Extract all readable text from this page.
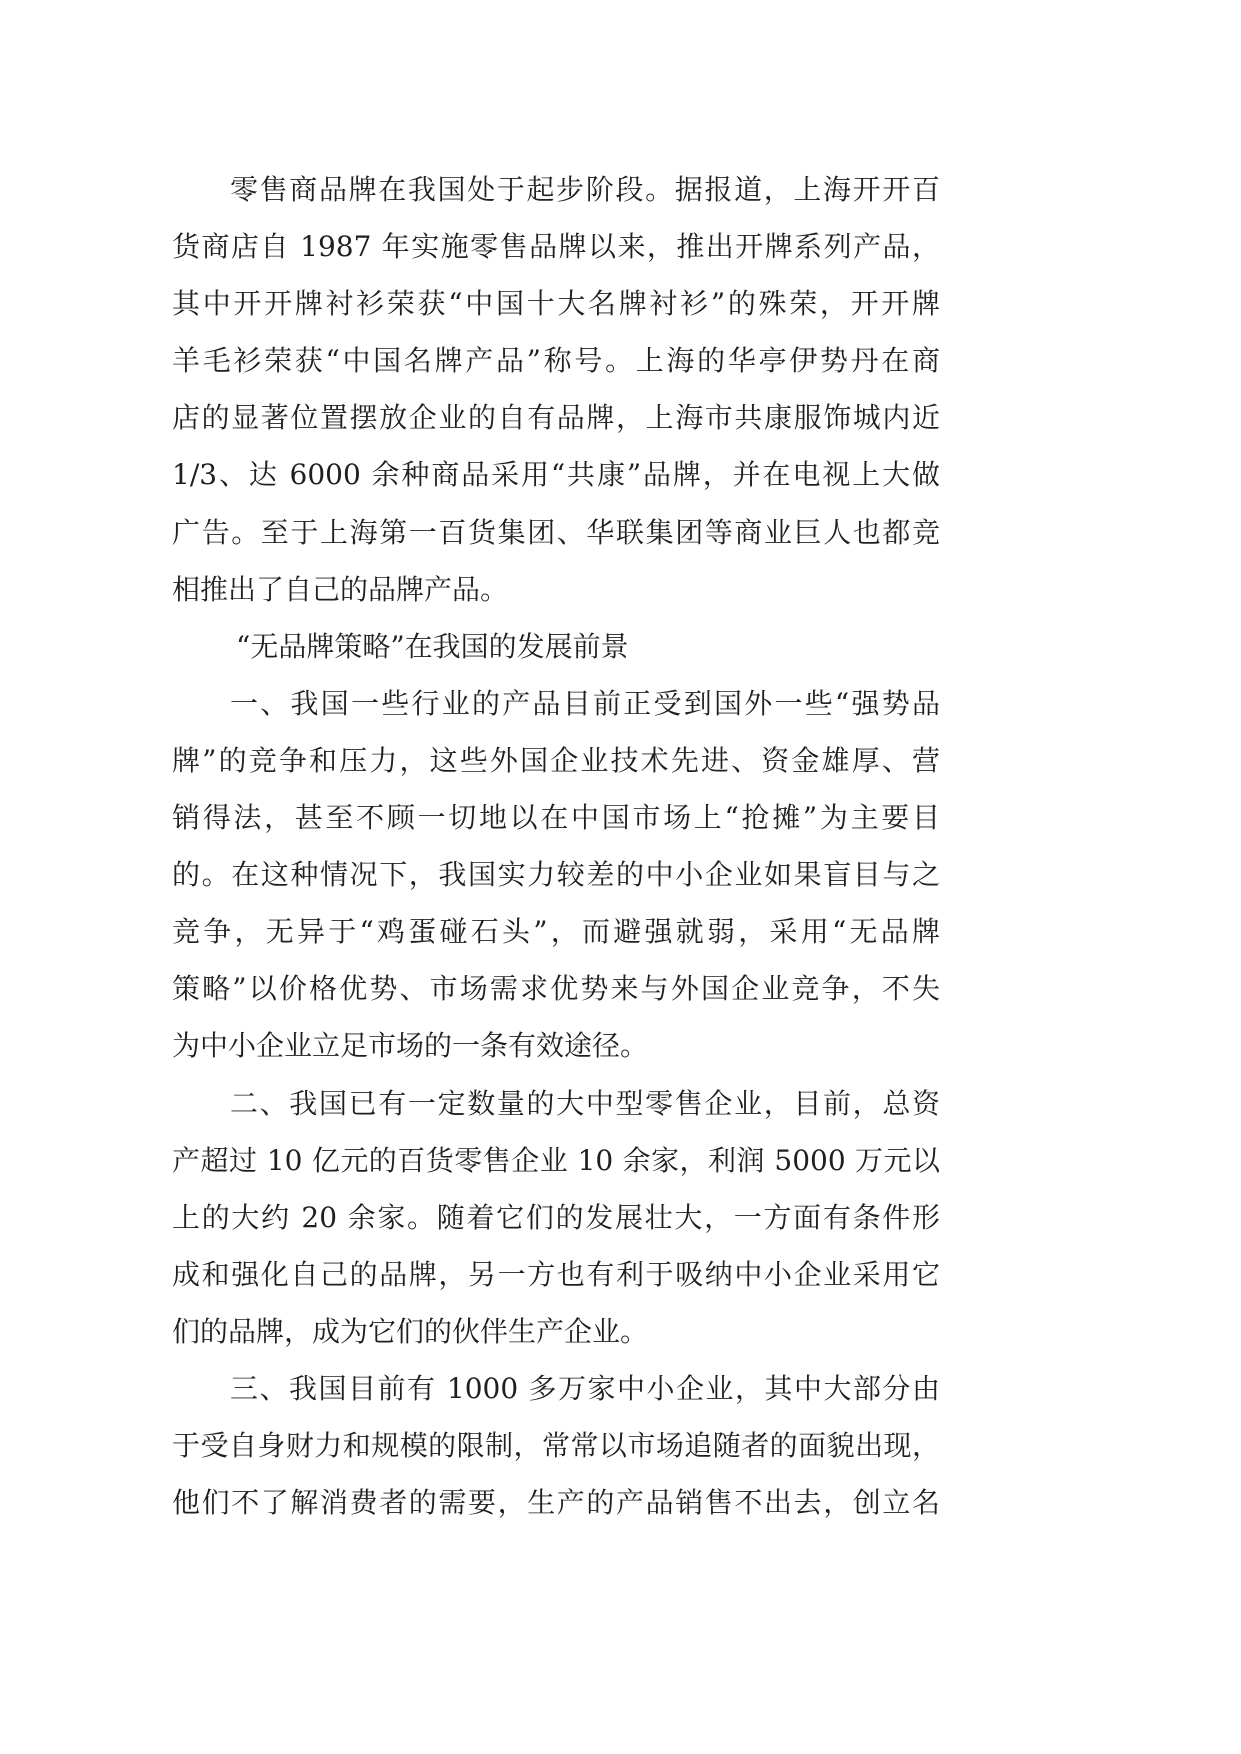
零售商品牌在我国处于起步阶段。据报道，上海开开百
货商店自 1987 年实施零售品牌以来，推出开牌系列产品，
其中开开牌衬衫荣获“中国十大名牌衬衫”的殊荣，开开牌
羊毛衫荣获“中国名牌产品”称号。上海的华亭伊势丹在商
店的显著位置摆放企业的自有品牌，上海市共康服饰城内近
1/3、达 6000 余种商品采用“共康”品牌，并在电视上大做
广告。至于上海第一百货集团、华联集团等商业巨人也都竞
相推出了自己的品牌产品。
“无品牌策略”在我国的发展前景
一、我国一些行业的产品目前正受到国外一些“强势品
牌”的竞争和压力，这些外国企业技术先进、资金雄厚、营
销得法，甚至不顾一切地以在中国市场上“抢摊”为主要目
的。在这种情况下，我国实力较差的中小企业如果盲目与之
竞争，无异于“鸡蛋碰石头”，而避强就弱，采用“无品牌
策略”以价格优势、市场需求优势来与外国企业竞争，不失
为中小企业立足市场的一条有效途径。
二、我国已有一定数量的大中型零售企业，目前，总资
产超过 10 亿元的百货零售企业 10 余家，利润 5000 万元以
上的大约 20 余家。随着它们的发展壮大，一方面有条件形
成和强化自己的品牌，另一方也有利于吸纳中小企业采用它
们的品牌，成为它们的伙伴生产企业。
三、我国目前有 1000 多万家中小企业，其中大部分由
于受自身财力和规模的限制，常常以市场追随者的面貌出现，
他们不了解消费者的需要，生产的产品销售不出去，创立名
